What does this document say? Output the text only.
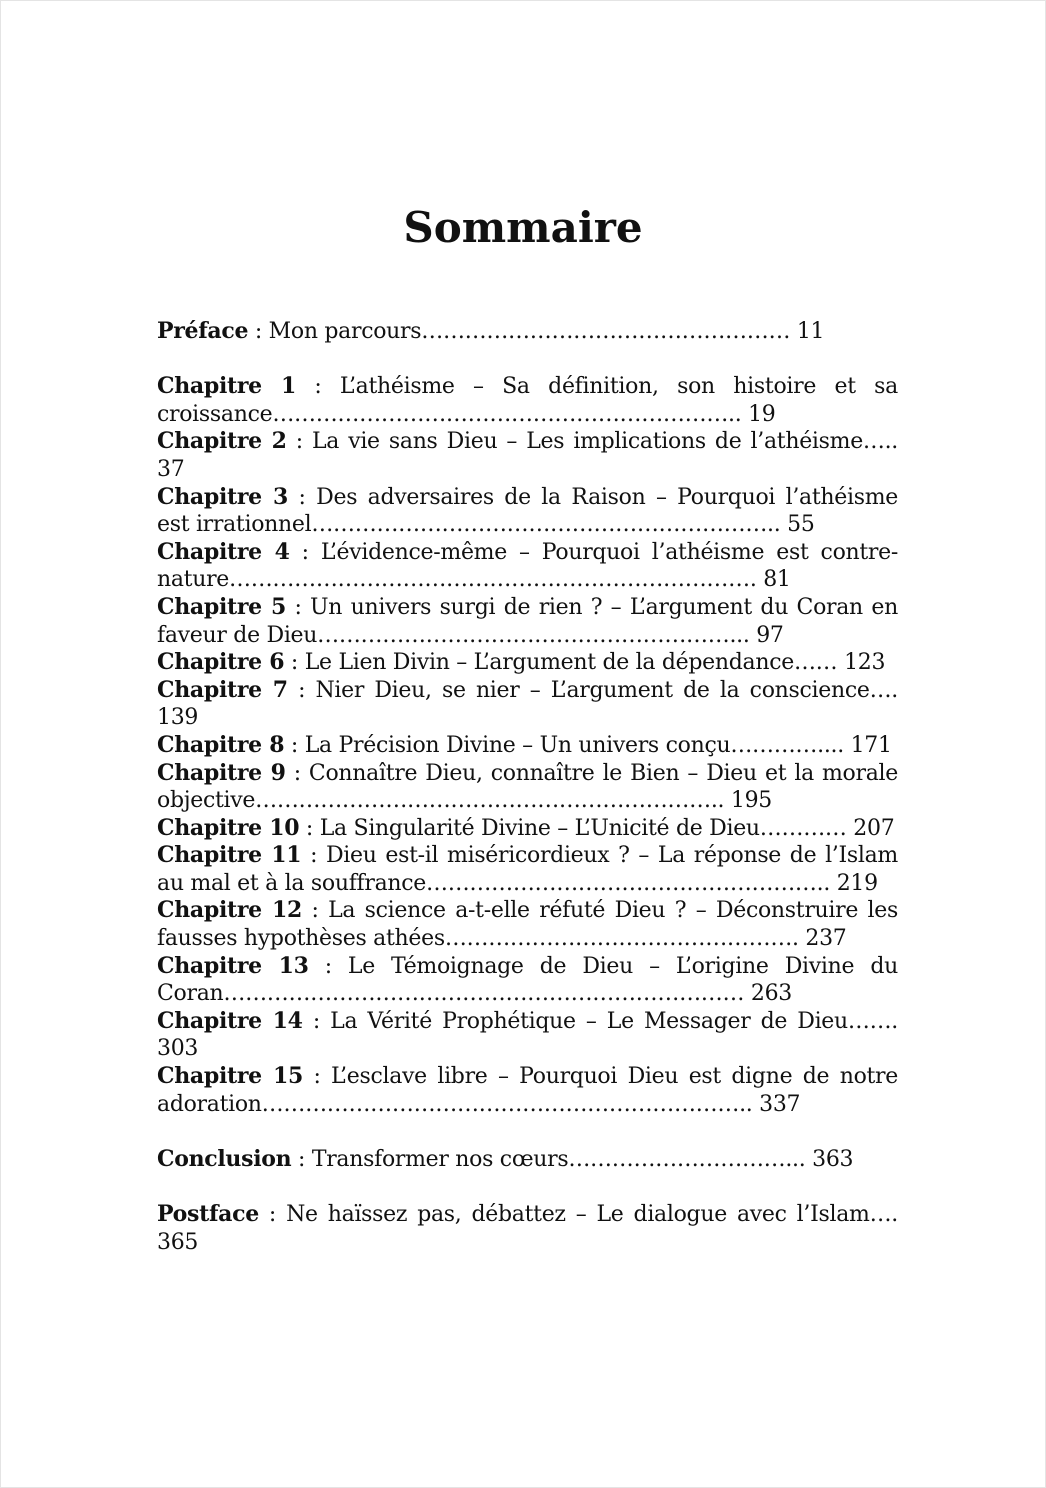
Sommaire

Préface : Mon parcours…………………………………………… 11

Chapitre 1 : L’athéisme – Sa définition, son histoire et sa croissance……………………………………………………….. 19

Chapitre 2 : La vie sans Dieu – Les implications de l’athéisme….. 37

Chapitre 3 : Des adversaires de la Raison – Pourquoi l’athéisme est irrationnel……………………………………………………….. 55

Chapitre 4 : L’évidence-même – Pourquoi l’athéisme est contre-nature………………………………………………………………. 81

Chapitre 5 : Un univers surgi de rien ? – L’argument du Coran en faveur de Dieu…………………………………………………... 97

Chapitre 6 : Le Lien Divin – L’argument de la dépendance…… 123

Chapitre 7 : Nier Dieu, se nier – L’argument de la conscience…. 139

Chapitre 8 : La Précision Divine – Un univers conçu………….... 171

Chapitre 9 : Connaître Dieu, connaître le Bien – Dieu et la morale objective……………………………………………………….. 195

Chapitre 10 : La Singularité Divine – L’Unicité de Dieu………… 207

Chapitre 11 : Dieu est-il miséricordieux ? – La réponse de l’Islam au mal et à la souffrance……………………………………………….. 219

Chapitre 12 : La science a-t-elle réfuté Dieu ? – Déconstruire les fausses hypothèses athées…………………………………………. 237

Chapitre 13 : Le Témoignage de Dieu – L’origine Divine du Coran……………………………………………………………… 263

Chapitre 14 : La Vérité Prophétique – Le Messager de Dieu……. 303

Chapitre 15 : L’esclave libre – Pourquoi Dieu est digne de notre adoration………………………………………………………….. 337

Conclusion : Transformer nos cœurs…………………………... 363

Postface : Ne haïssez pas, débattez – Le dialogue avec l’Islam…. 365
